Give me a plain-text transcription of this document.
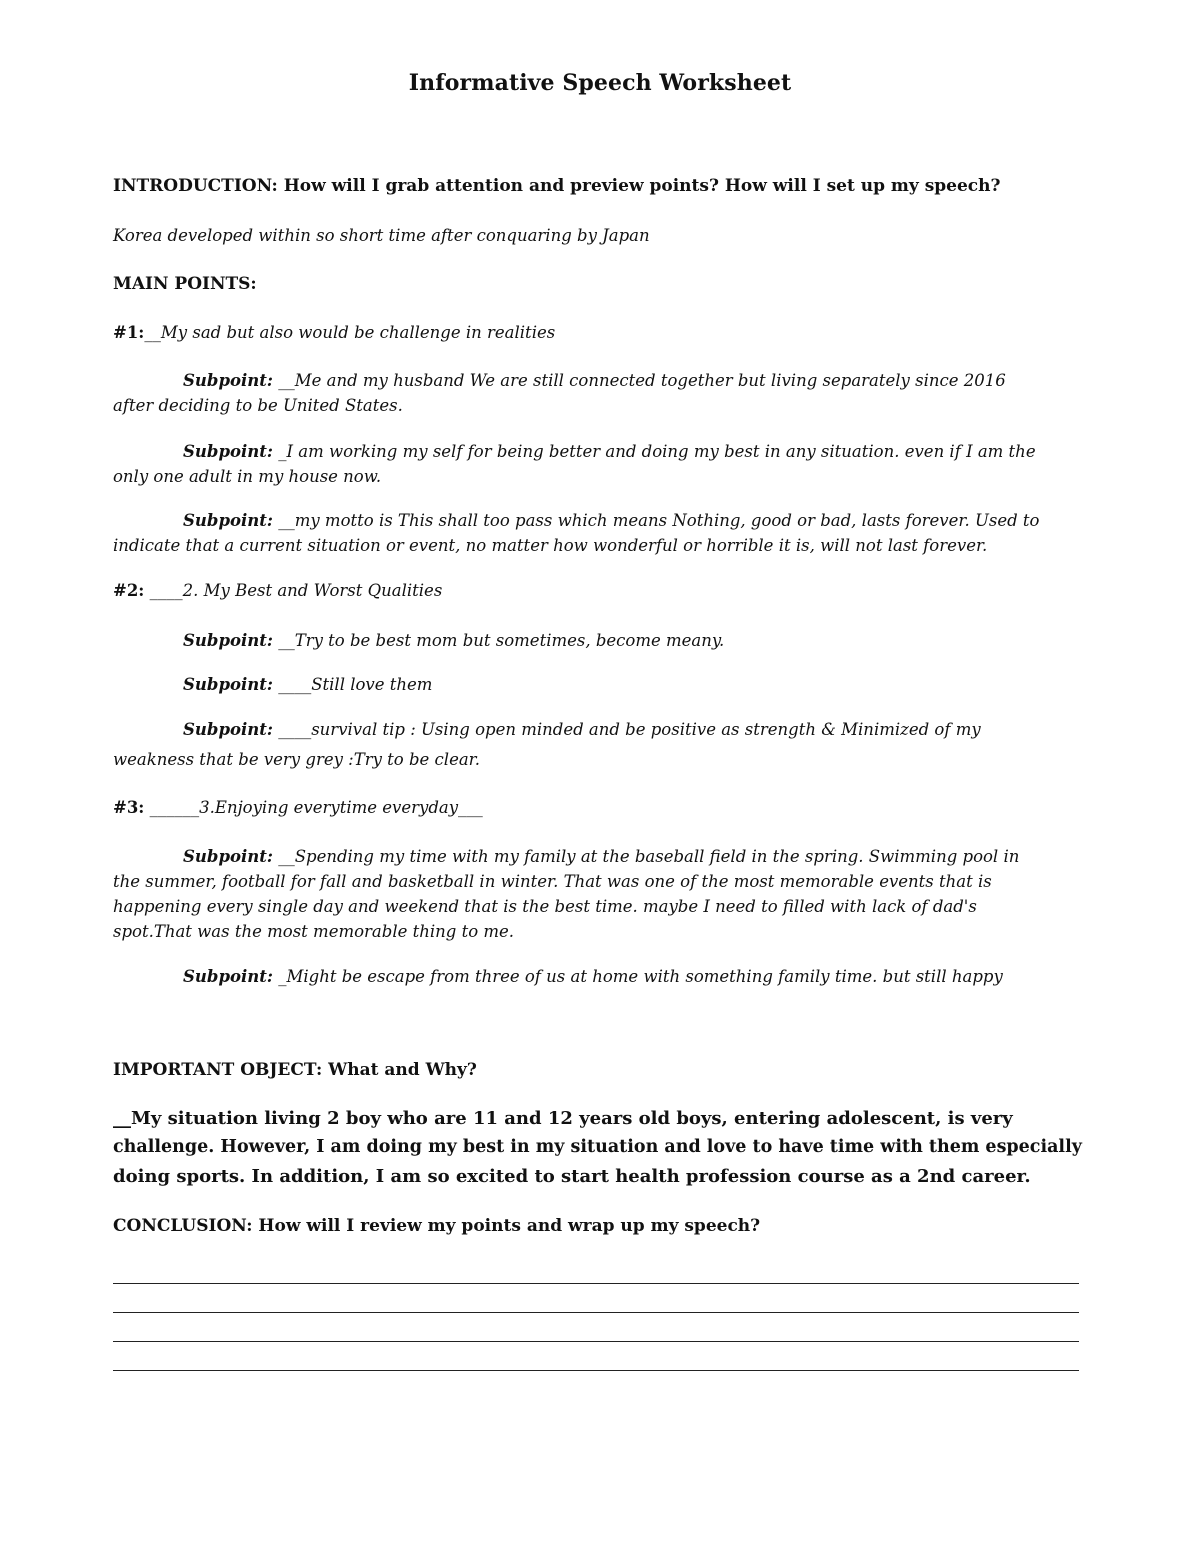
Informative Speech Worksheet
INTRODUCTION: How will I grab attention and preview points? How will I set up my speech?
Korea developed within so short time after conquaring by Japan
MAIN POINTS:
#1:__My sad but also would be challenge in realities
Subpoint: __Me and my husband We are still connected together but living separately since 2016
after deciding to be United States.
Subpoint: _I am working my self for being better and doing my best in any situation. even if I am the
only one adult in my house now.
Subpoint: __my motto is This shall too pass which means Nothing, good or bad, lasts forever. Used to
indicate that a current situation or event, no matter how wonderful or horrible it is, will not last forever.
#2: ____2. My Best and Worst Qualities
Subpoint: __Try to be best mom but sometimes, become meany.
Subpoint: ____Still love them
Subpoint: ____survival tip : Using open minded and be positive as strength & Minimized of my
weakness that be very grey :Try to be clear.
#3: ______3.Enjoying everytime everyday___
Subpoint: __Spending my time with my family at the baseball field in the spring. Swimming pool in
the summer, football for fall and basketball in winter. That was one of the most memorable events that is
happening every single day and weekend that is the best time. maybe I need to filled with lack of dad's
spot.That was the most memorable thing to me.
Subpoint: _Might be escape from three of us at home with something family time. but still happy
IMPORTANT OBJECT: What and Why?
__My situation living 2 boy who are 11 and 12 years old boys, entering adolescent, is very
challenge. However, I am doing my best in my situation and love to have time with them especially
doing sports. In addition, I am so excited to start health profession course as a 2nd career.
CONCLUSION: How will I review my points and wrap up my speech?
